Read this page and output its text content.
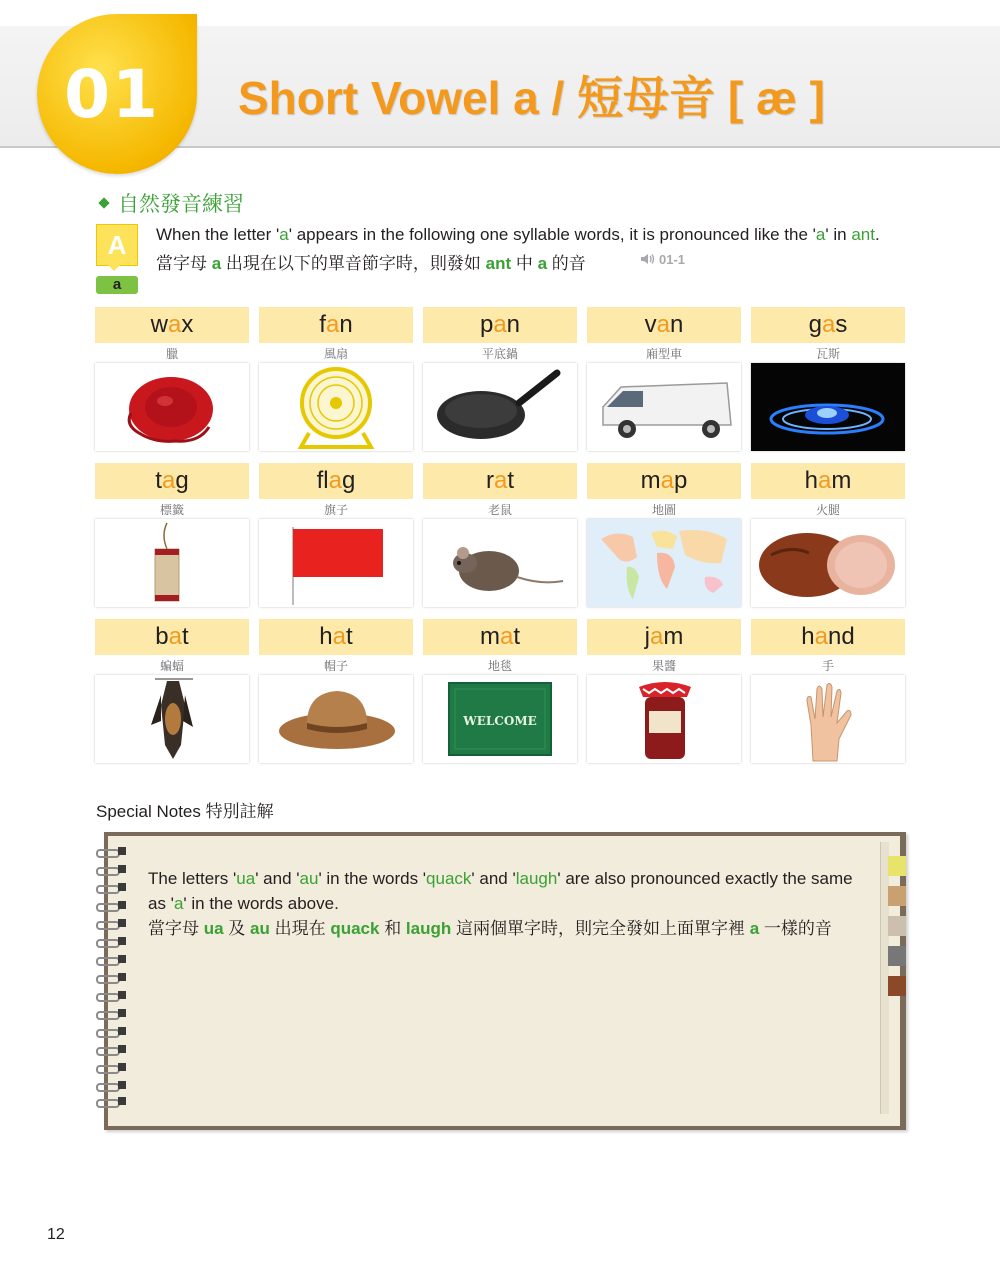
01	Short Vowel a / 短母音 [ æ ]
自然發音練習
A
a
When the letter 'a' appears in the following one syllable words, it is pronounced like the 'a' in ant.
當字母 a 出現在以下的單音節字時，則發如 ant 中 a 的音	01-1
wax
臘
fan
風扇
pan
平底鍋
van
廂型車
gas
瓦斯
tag
標籤
flag
旗子
rat
老鼠
map
地圖
ham
火腿
bat
蝙蝠
hat
帽子
mat
地毯
WELCOME
jam
果醬
hand
手
Special Notes 特別註解
The letters 'ua' and 'au' in the words 'quack' and 'laugh' are also pronounced exactly the same as 'a' in the words above.
當字母 ua 及 au 出現在 quack 和 laugh 這兩個單字時，則完全發如上面單字裡 a 一樣的音
12
